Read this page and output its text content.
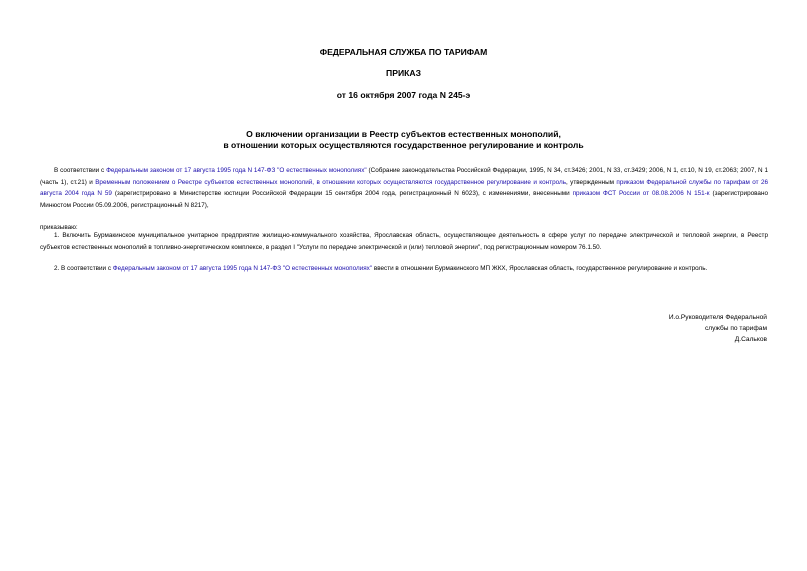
ФЕДЕРАЛЬНАЯ СЛУЖБА ПО ТАРИФАМ
ПРИКАЗ
от 16 октября 2007 года N 245-э
О включении организации в Реестр субъектов естественных монополий,
в отношении которых осуществляются государственное регулирование и контроль
В соответствии с Федеральным законом от 17 августа 1995 года N 147-ФЗ "О естественных монополиях" (Собрание законодательства Российской Федерации, 1995, N 34, ст.3426; 2001, N 33, ст.3429; 2006, N 1, ст.10, N 19, ст.2063; 2007, N 1 (часть 1), ст.21) и Временным положением о Реестре субъектов естественных монополий, в отношении которых осуществляются государственное регулирование и контроль, утвержденным приказом Федеральной службы по тарифам от 26 августа 2004 года N 59 (зарегистрировано в Министерстве юстиции Российской Федерации 15 сентября 2004 года, регистрационный N 6023), с изменениями, внесенными приказом ФСТ России от 08.08.2006 N 151-к (зарегистрировано Минюстом России 05.09.2006, регистрационный N 8217),
приказываю:
1. Включить Бурмакинское муниципальное унитарное предприятие жилищно-коммунального хозяйства, Ярославская область, осуществляющее деятельность в сфере услуг по передаче электрической и тепловой энергии, в Реестр субъектов естественных монополий в топливно-энергетическом комплексе, в раздел I "Услуги по передаче электрической и (или) тепловой энергии", под регистрационным номером 76.1.50.
2. В соответствии с Федеральным законом от 17 августа 1995 года N 147-ФЗ "О естественных монополиях" ввести в отношении Бурмакинского МП ЖКХ, Ярославская область, государственное регулирование и контроль.
И.о.Руководителя Федеральной
службы по тарифам
Д.Сальков
